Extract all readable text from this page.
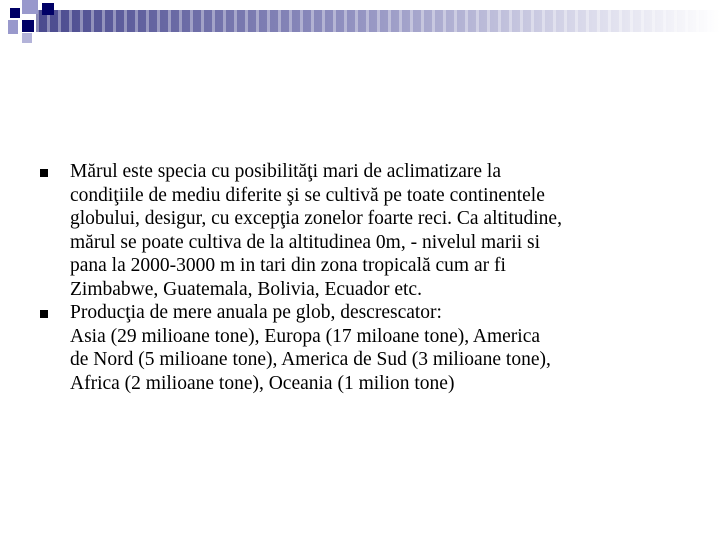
Mărul este specia cu posibilităţi mari de aclimatizare la
condiţiile de mediu diferite şi se cultivă pe toate continentele
globului, desigur, cu excepţia zonelor foarte reci. Ca altitudine,
mărul se poate cultiva de la altitudinea 0m, - nivelul marii si
pana la 2000-3000 m in tari din zona tropicală cum ar fi
Zimbabwe, Guatemala, Bolivia, Ecuador etc.
Producţia de mere anuala pe glob, descrescator:
Asia (29 milioane tone), Europa (17 miloane tone), America
de Nord (5 milioane tone), America de Sud (3 milioane tone),
Africa (2 milioane tone), Oceania (1 milion tone)
